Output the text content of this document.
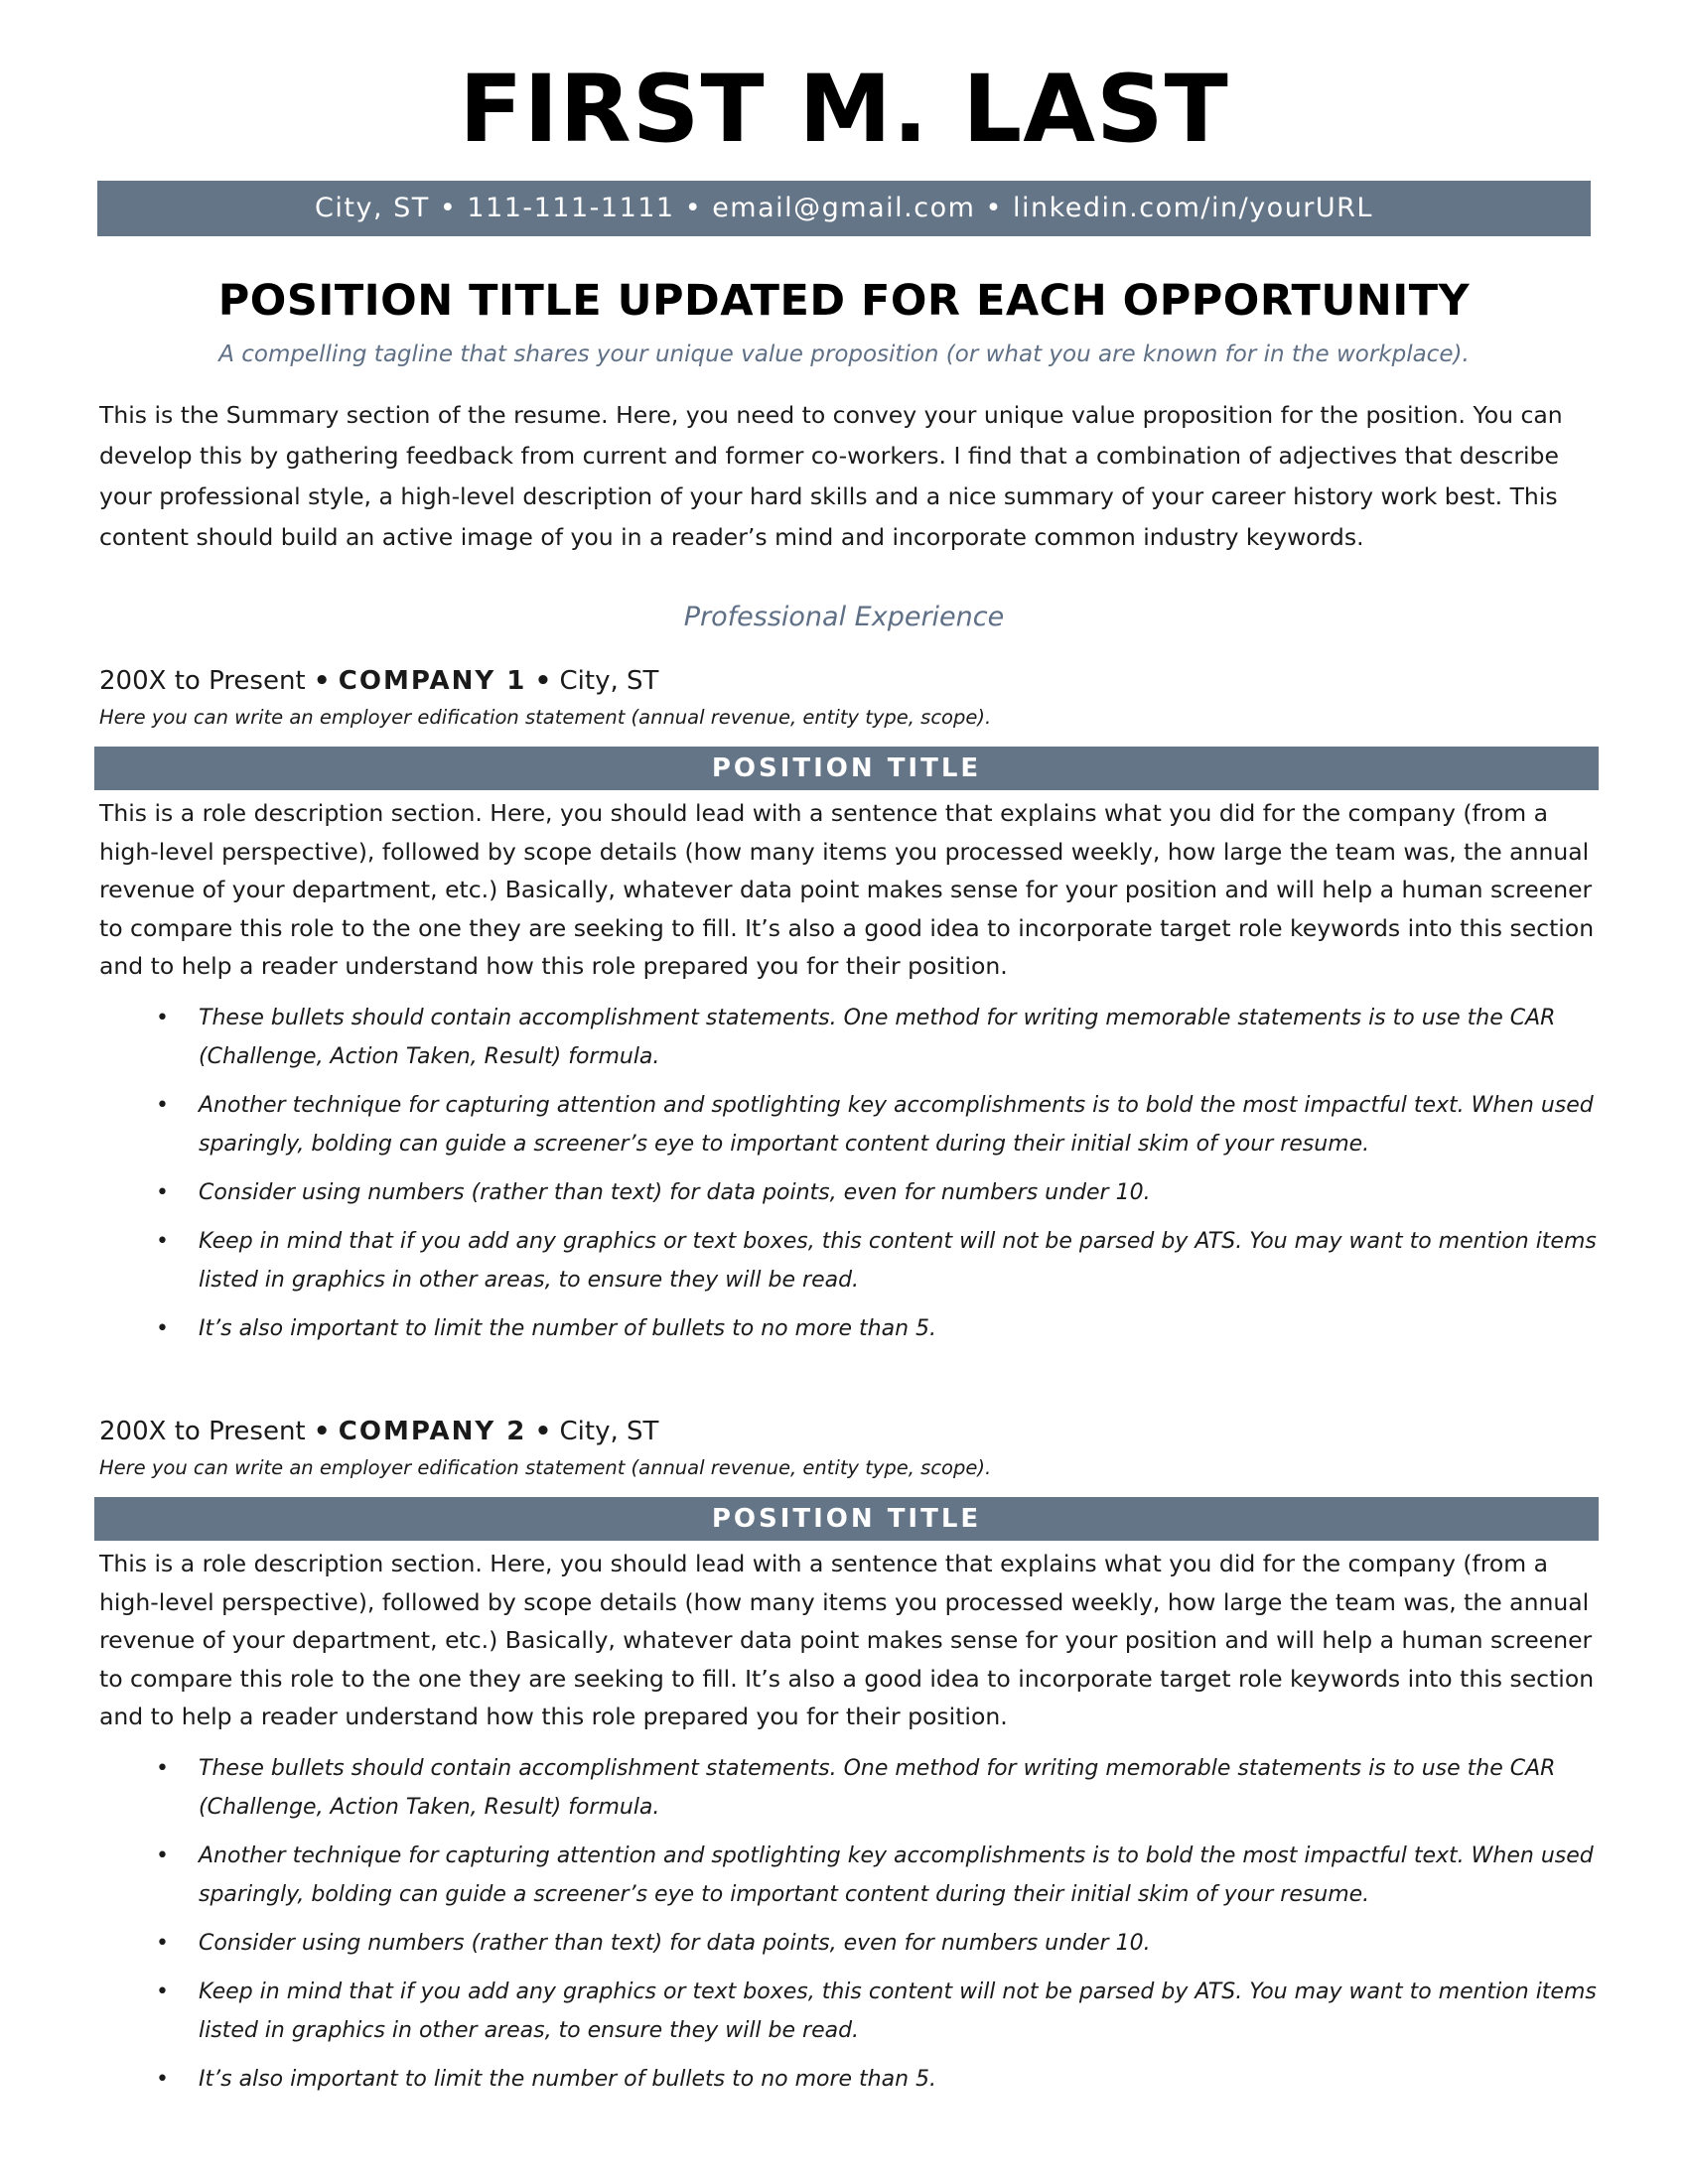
FIRST M. LAST
City, ST • 111-111-1111 • email@gmail.com • linkedin.com/in/yourURL
POSITION TITLE UPDATED FOR EACH OPPORTUNITY
A compelling tagline that shares your unique value proposition (or what you are known for in the workplace).

This is the Summary section of the resume. Here, you need to convey your unique value proposition for the position. You can develop this by gathering feedback from current and former co-workers. I find that a combination of adjectives that describe your professional style, a high-level description of your hard skills and a nice summary of your career history work best. This content should build an active image of you in a reader’s mind and incorporate common industry keywords.

Professional Experience
200X to Present • COMPANY 1 • City, ST
Here you can write an employer edification statement (annual revenue, entity type, scope).
POSITION TITLE

This is a role description section. Here, you should lead with a sentence that explains what you did for the company (from a high-level perspective), followed by scope details (how many items you processed weekly, how large the team was, the annual revenue of your department, etc.) Basically, whatever data point makes sense for your position and will help a human screener to compare this role to the one they are seeking to fill. It’s also a good idea to incorporate target role keywords into this section and to help a reader understand how this role prepared you for their position.

• These bullets should contain accomplishment statements. One method for writing memorable statements is to use the CAR (Challenge, Action Taken, Result) formula.
• Another technique for capturing attention and spotlighting key accomplishments is to bold the most impactful text. When used sparingly, bolding can guide a screener’s eye to important content during their initial skim of your resume.
• Consider using numbers (rather than text) for data points, even for numbers under 10.
• Keep in mind that if you add any graphics or text boxes, this content will not be parsed by ATS. You may want to mention items listed in graphics in other areas, to ensure they will be read.
• It’s also important to limit the number of bullets to no more than 5.
200X to Present • COMPANY 2 • City, ST
Here you can write an employer edification statement (annual revenue, entity type, scope).
POSITION TITLE

This is a role description section. Here, you should lead with a sentence that explains what you did for the company (from a high-level perspective), followed by scope details (how many items you processed weekly, how large the team was, the annual revenue of your department, etc.) Basically, whatever data point makes sense for your position and will help a human screener to compare this role to the one they are seeking to fill. It’s also a good idea to incorporate target role keywords into this section and to help a reader understand how this role prepared you for their position.

• These bullets should contain accomplishment statements. One method for writing memorable statements is to use the CAR (Challenge, Action Taken, Result) formula.
• Another technique for capturing attention and spotlighting key accomplishments is to bold the most impactful text. When used sparingly, bolding can guide a screener’s eye to important content during their initial skim of your resume.
• Consider using numbers (rather than text) for data points, even for numbers under 10.
• Keep in mind that if you add any graphics or text boxes, this content will not be parsed by ATS. You may want to mention items listed in graphics in other areas, to ensure they will be read.
• It’s also important to limit the number of bullets to no more than 5.
